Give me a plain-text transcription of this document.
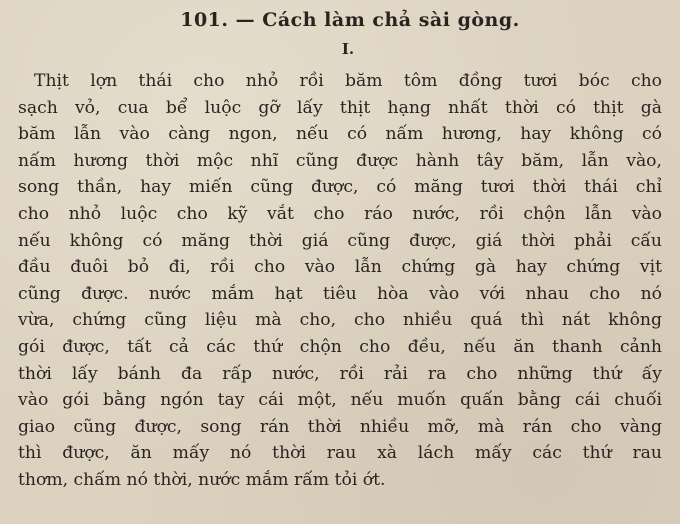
101. — Cách làm chả sài gòng.
I.
Thịt lợn thái cho nhỏ rồi băm tôm đồng tươi bóc cho
sạch vỏ, cua bể luộc gỡ lấy thịt hạng nhất thời có thịt gà
băm lẫn vào càng ngon, nếu có nấm hương, hay không có
nấm hương thời mộc nhĩ cũng được hành tây băm, lẫn vào,
song thần, hay miến cũng được, có măng tươi thời thái chỉ
cho nhỏ luộc cho kỹ vắt cho ráo nước, rồi chộn lẫn vào
nếu không có măng thời giá cũng được, giá thời phải cấu
đầu đuôi bỏ đi, rồi cho vào lẫn chứng gà hay chứng vịt
cũng được. nước mắm hạt tiêu hòa vào với nhau cho nó
vừa, chứng cũng liệu mà cho, cho nhiều quá thì nát không
gói được, tất cả các thứ chộn cho đều, nếu ăn thanh cảnh
thời lấy bánh đa rấp nước, rồi rải ra cho những thứ ấy
vào gói bằng ngón tay cái một, nếu muốn quấn bằng cái chuối
giao cũng được, song rán thời nhiều mỡ, mà rán cho vàng
thì được, ăn mấy nó thời rau xà lách mấy các thứ rau
thơm, chấm nó thời, nước mắm rấm tỏi ớt.
